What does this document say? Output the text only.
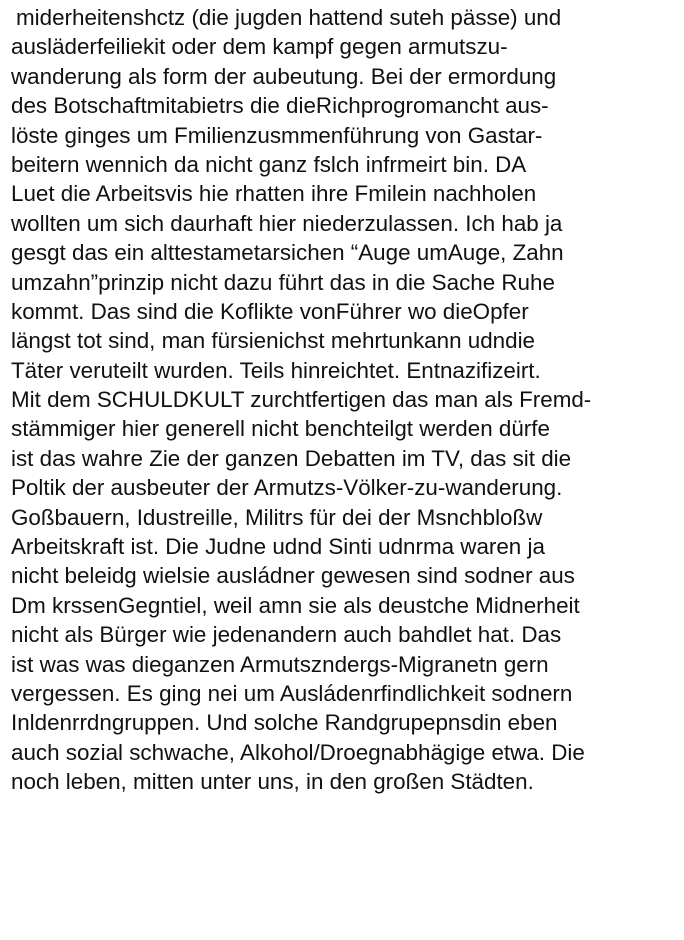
miderheitenshctz (die jugden hattend suteh pässe) und
ausläderfeiliekit oder dem kampf gegen armutszu-
wanderung als form der aubeutung. Bei der ermordung
des Botschaftmitabietrs die dieRichprogromancht aus-
löste ginges um Fmilienzusmmenführung von Gastar-
beitern wennich da nicht ganz fslch infrmeirt bin. DA
Luet die Arbeitsvis hie rhatten ihre Fmilein nachholen
wollten um sich daurhaft hier niederzulassen. Ich hab ja
gesgt das ein alttestametarsichen “Auge umAuge, Zahn
umzahn”prinzip nicht dazu führt das in die Sache Ruhe
kommt. Das sind die Koflikte vonFührer wo dieOpfer
längst tot sind, man fürsienichst mehrtunkann udndie
Täter veruteilt wurden. Teils hinreichtet. Entnazifizeirt.
Mit dem SCHULDKULT zurchtfertigen das man als Fremd-
stämmiger hier generell nicht benchteilgt werden dürfe
ist das wahre Zie der ganzen Debatten im TV, das sit die
Poltik der ausbeuter der Armutzs-Völker-zu-wanderung.
Goßbauern, Idustreille, Militrs für dei der Msnchbloßw
Arbeitskraft ist. Die Judne udnd Sinti udnrma waren ja
nicht beleidg wielsie ausládner gewesen sind sodner aus
Dm krssenGegntiel, weil amn sie als deustche Midnerheit
nicht als Bürger wie jedenandern auch bahdlet hat. Das
ist was was dieganzen Armutszndergs-Migranetn gern
vergessen. Es ging nei um Ausládenrfindlichkeit sodnern
Inldenrrdngruppen. Und solche Randgrupepnsdin eben
auch sozial schwache, Alkohol/Droegnabhägige etwa. Die
noch leben, mitten unter uns, in den großen Städten.
